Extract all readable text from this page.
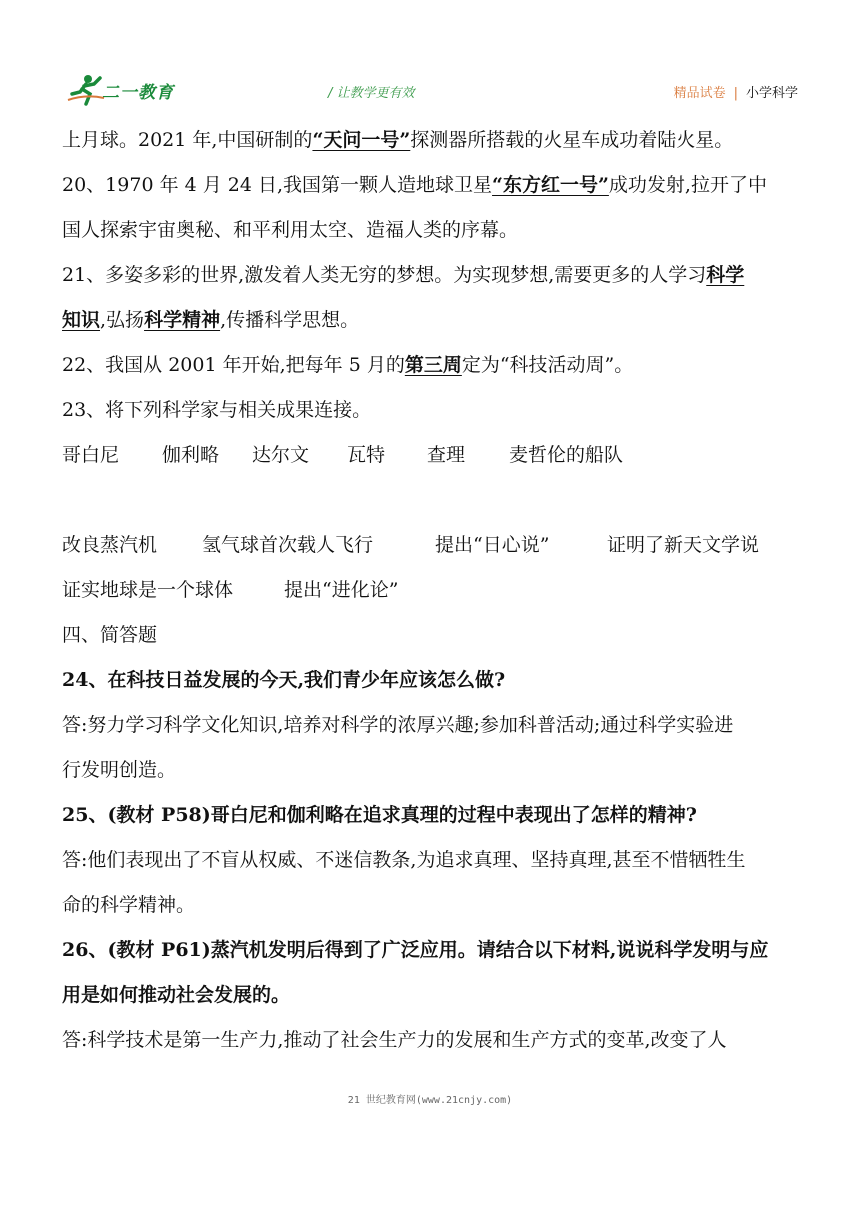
二一教育	/ 让教学更有效	精品试卷 | 小学科学
上月球。2021 年,中国研制的“天问一号”探测器所搭载的火星车成功着陆火星。
20、1970 年 4 月 24 日,我国第一颗人造地球卫星“东方红一号”成功发射,拉开了中
国人探索宇宙奥秘、和平利用太空、造福人类的序幕。
21、多姿多彩的世界,激发着人类无穷的梦想。为实现梦想,需要更多的人学习科学
知识,弘扬科学精神,传播科学思想。
22、我国从 2001 年开始,把每年 5 月的第三周定为“科技活动周”。
23、将下列科学家与相关成果连接。
哥白尼 伽利略 达尔文 瓦特 查理 麦哲伦的船队
改良蒸汽机 氢气球首次载人飞行	提出“日心说”	证明了新天文学说
证实地球是一个球体	提出“进化论”
四、简答题
24、在科技日益发展的今天,我们青少年应该怎么做?
答:努力学习科学文化知识,培养对科学的浓厚兴趣;参加科普活动;通过科学实验进
行发明创造。
25、(教材 P58)哥白尼和伽利略在追求真理的过程中表现出了怎样的精神?
答:他们表现出了不盲从权威、不迷信教条,为追求真理、坚持真理,甚至不惜牺牲生
命的科学精神。
26、(教材 P61)蒸汽机发明后得到了广泛应用。请结合以下材料,说说科学发明与应
用是如何推动社会发展的。
答:科学技术是第一生产力,推动了社会生产力的发展和生产方式的变革,改变了人
21 世纪教育网(www.21cnjy.com)
